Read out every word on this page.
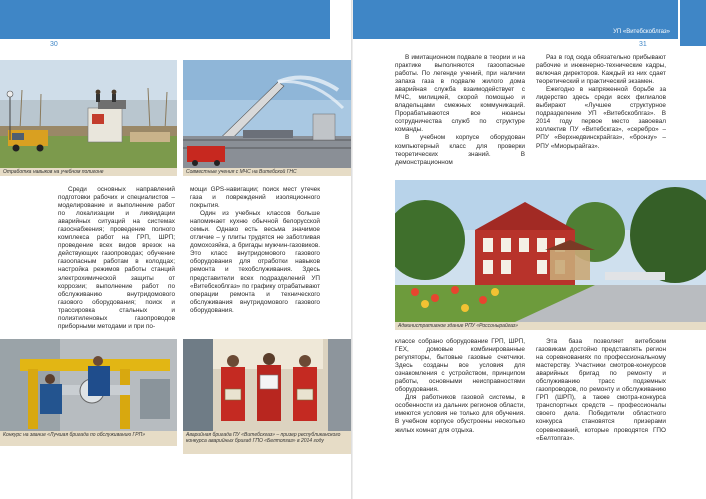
30
Отработка навыков на учебном полигоне	Совместные учения с МЧС на Витебской ГНС

Среди основных направлений подготовки рабочих и специалистов – моделирование и выполнение работ по локализации и ликвидации аварийных ситуаций на системах газоснабжения; проведение полного комплекса работ на ГРП, ШРП; проведение всех видов врезок на действующих газопроводах; обучение газоопасным работам в колодцах; настройка режимов работы станций электрохимической защиты от коррозии; выполнение работ по обслуживанию внутридомового газового оборудования; поиск и трассировка стальных и полиэтиленовых газопроводов приборными методами и при по-

мощи GPS-навигации; поиск мест утечек газа и повреждений изоляционного покрытия.

Один из учебных классов больше напоминает кухню обычной белорусской семьи. Однако есть весьма значимое отличие – у плиты трудятся не заботливая домохозяйка, а бригады мужчин-газовиков. Это класс внутридомового газового оборудования для отработки навыков ремонта и техобслуживания. Здесь представители всех подразделений УП «Витебскоблгаз» по графику отрабатывают операции ремонта и технического обслуживания внутридомового газового оборудования.

Конкурс на звание «Лучшая бригада по обслуживанию ГРП»	Аварийная бригада ПУ «Витебскгаз» – призер республиканского конкурса аварийных бригад ГПО «Белтопгаз» в 2014 году
УП «Витебскоблгаз»
31

В имитационном подвале в теории и на практике выполняются газоопасные работы. По легенде учений, при наличии запаха газа в подвале жилого дома аварийная служба взаимодействует с МЧС, милицией, скорой помощью и владельцами смежных коммуникаций. Прорабатываются все нюансы сотрудничества служб по структуре команды.

В учебном корпусе оборудован компьютерный класс для проверки теоретических знаний. В демонстрационном

Раз в год сюда обязательно прибывают рабочие и инженерно-технические кадры, включая директоров. Каждый из них сдает теоретический и практический экзамен.

Ежегодно в напряженной борьбе за лидерство здесь среди всех филиалов выбирают «Лучшее структурное подразделение УП «Витебскоблгаз». В 2014 году первое место завоевал коллектив ПУ «Витебскгаз», «серебро» – РПУ «Верхнедвинскрайгаз», «бронзу» – РПУ «Миорырайгаз».

Административное здание РПУ «Россонырайгаз»

классе собрано оборудование ГРП, ШРП, ГЕХ, домовые комбинированные регуляторы, бытовые газовые счетчики. Здесь созданы все условия для ознакомления с устройством, принципом работы, основными неисправностями оборудования.

Для работников газовой системы, в особенности из дальних регионов области, имеются условия не только для обучения. В учебном корпусе обустроены несколько жилых комнат для отдыха.

Эта база позволяет витебским газовикам достойно представлять регион на соревнованиях по профессиональному мастерству. Участники смотров-конкурсов аварийных бригад по ремонту и обслуживанию трасс подземных газопроводов, по ремонту и обслуживанию ГРП (ШРП), а также смотра-конкурса транспортных средств – профессионалы своего дела. Победители областного конкурса становятся призерами соревнований, которые проводятся ГПО «Белтопгаз».
